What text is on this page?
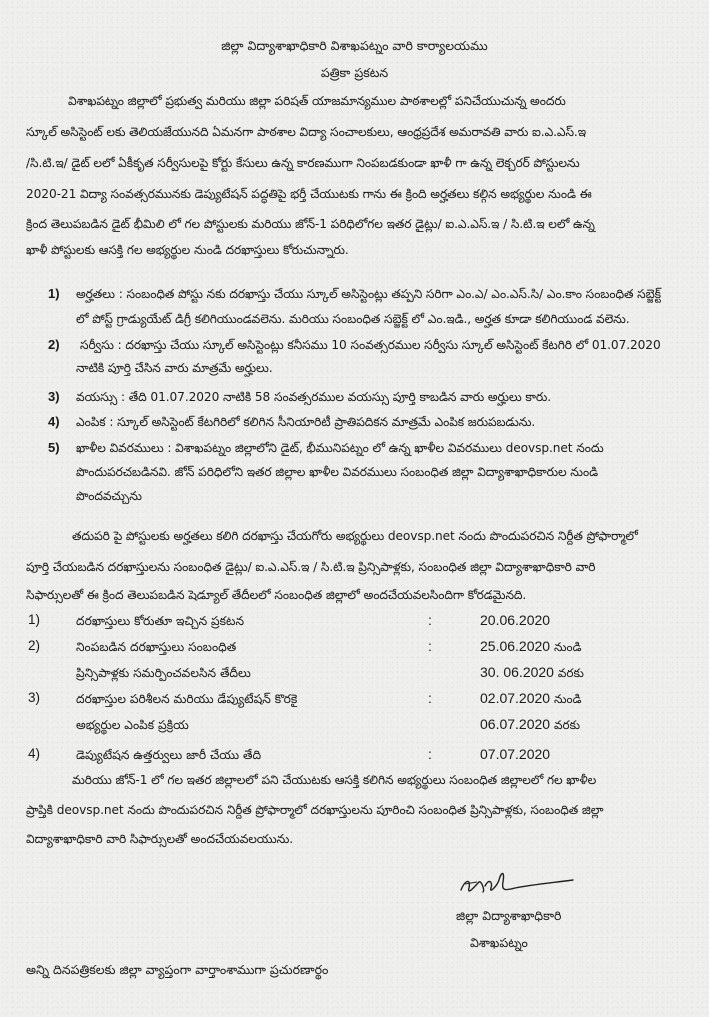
జిల్లా విద్యాశాఖాధికారి విశాఖపట్నం వారి కార్యాలయము
పత్రికా ప్రకటన
విశాఖపట్నం జిల్లాలో ప్రభుత్వ మరియు జిల్లా పరిషత్ యాజమాన్యముల పాఠశాలల్లో పనిచేయుచున్న అందరు
స్కూల్ అసిస్టెంట్ లకు తెలియజేయునది ఏమనగా పాఠశాల విద్యా సంచాలకులు, ఆంధ్రప్రదేశ అమరావతి వారు ఐ.ఎ.ఎస్.ఇ
/సి.టి.ఇ/ డైట్ లలో ఏకీకృత సర్వీసులపై కోర్టు కేసులు ఉన్న కారణముగా నింపబడకుండా ఖాళీ గా ఉన్న లెక్చరర్ పోస్టులను
2020-21 విద్యా సంవత్సరమునకు డెప్యుటేషన్ పద్ధతిపై భర్తీ చేయుటకు గాను ఈ క్రింది అర్హతలు కల్గిన అభ్యర్థుల నుండి ఈ
క్రింద తెలుపబడిన డైట్ భీమిలి లో గల పోస్టులకు మరియు జోన్-1 పరిధిలోగల ఇతర డైట్లు/ ఐ.ఎ.ఎస్.ఇ / సి.టి.ఇ లలో ఉన్న
ఖాళీ పోస్టులకు ఆసక్తి గల అభ్యర్థుల నుండి దరఖాస్తులు కోరుచున్నారు.
1) అర్హతలు : సంబంధిత పోస్టు నకు దరఖాస్తు చేయు స్కూల్ అసిస్టెంట్లు తప్పని సరిగా ఎం.ఎ/ ఎం.ఎస్.సి/ ఎం.కాం సంబంధిత సబ్జెక్ట్
లో పోస్ట్ గ్రాడ్యుయేట్ డిగ్రీ కలిగియుండవలెను. మరియు సంబంధిత సబ్జెక్ట్ లో ఎం.ఇడి., అర్హత కూడా కలిగియుండ వలెను.
2) సర్వీసు : దరఖాస్తు చేయు స్కూల్ అసిస్టెంట్లు కనీసము 10 సంవత్సరముల సర్వీసు స్కూల్ అసిస్టెంట్ కేటగిరి లో 01.07.2020
నాటికి పూర్తి చేసిన వారు మాత్రమే అర్హులు.
3) వయస్సు : తేది 01.07.2020 నాటికి 58 సంవత్సరముల వయస్సు పూర్తి కాబడిన వారు అర్హులు కారు.
4) ఎంపిక : స్కూల్ అసిస్టెంట్ కేటగిరిలో కలిగిన సీనియారిటీ ప్రాతిపదికన మాత్రమే ఎంపిక జరుపబడును.
5) ఖాళీల వివరములు : విశాఖపట్నం జిల్లాలోని డైట్, భీమునిపట్నం లో ఉన్న ఖాళీల వివరములు deovsp.net నందు
పొందుపరచబడినవి. జోన్ పరిధిలోని ఇతర జిల్లాల ఖాళీల వివరములు సంబంధిత జిల్లా విద్యాశాఖాధికారుల నుండి
పొందవచ్చును
తదుపరి పై పోస్టులకు అర్హతలు కలిగి దరఖాస్తు చేయగోరు అభ్యర్థులు deovsp.net నందు పొందుపరచిన నిర్దీత ప్రోఫార్మాలో
పూర్తి చేయబడిన దరఖాస్తులను సంబంధిత డైట్లు/ ఐ.ఎ.ఎస్.ఇ / సి.టి.ఇ ప్రిన్సిపాళ్లకు, సంబంధిత జిల్లా విద్యాశాఖాధికారి వారి
సిఫార్సులతో ఈ క్రింద తెలుపబడిన షెడ్యూల్ తేదీలలో సంబంధిత జిల్లాలో అందచేయవలసిందిగా కోరడమైనది.
1)	దరఖాస్తులు కోరుతూ ఇచ్చిన ప్రకటన	:	20.06.2020
2)	నింపబడిన దరఖాస్తులు సంబంధిత	:	25.06.2020 నుండి
ప్రిన్సిపాళ్లకు సమర్పించవలసిన తేదీలు	30. 06.2020 వరకు
3)	దరఖాస్తుల పరిశీలన మరియు డేప్యుటేషన్ కొరకై	:	02.07.2020 నుండి
అభ్యర్థుల ఎంపిక ప్రక్రియ	06.07.2020 వరకు
4)	డెప్యుటేషన ఉత్తర్వులు జారీ చేయు తేది	:	07.07.2020
మరియు జోన్-1 లో గల ఇతర జిల్లాలలో పని చేయుటకు ఆసక్తి కలిగిన అభ్యర్థులు సంబంధిత జిల్లాలలో గల ఖాళీల
ప్రాప్తికి deovsp.net నందు పొందుపరచిన నిర్దీత ప్రోఫార్మాలో దరఖాస్తులను పూరించి సంబంధిత ప్రిన్సిపాళ్లకు, సంబంధిత జిల్లా
విద్యాశాఖాధికారి వారి సిఫార్సులతో అందచేయవలయును.
జిల్లా విద్యాశాఖాధికారి
విశాఖపట్నం
అన్ని దినపత్రికలకు జిల్లా వ్యాప్తంగా వార్తాంశాముగా ప్రచురణార్థం
